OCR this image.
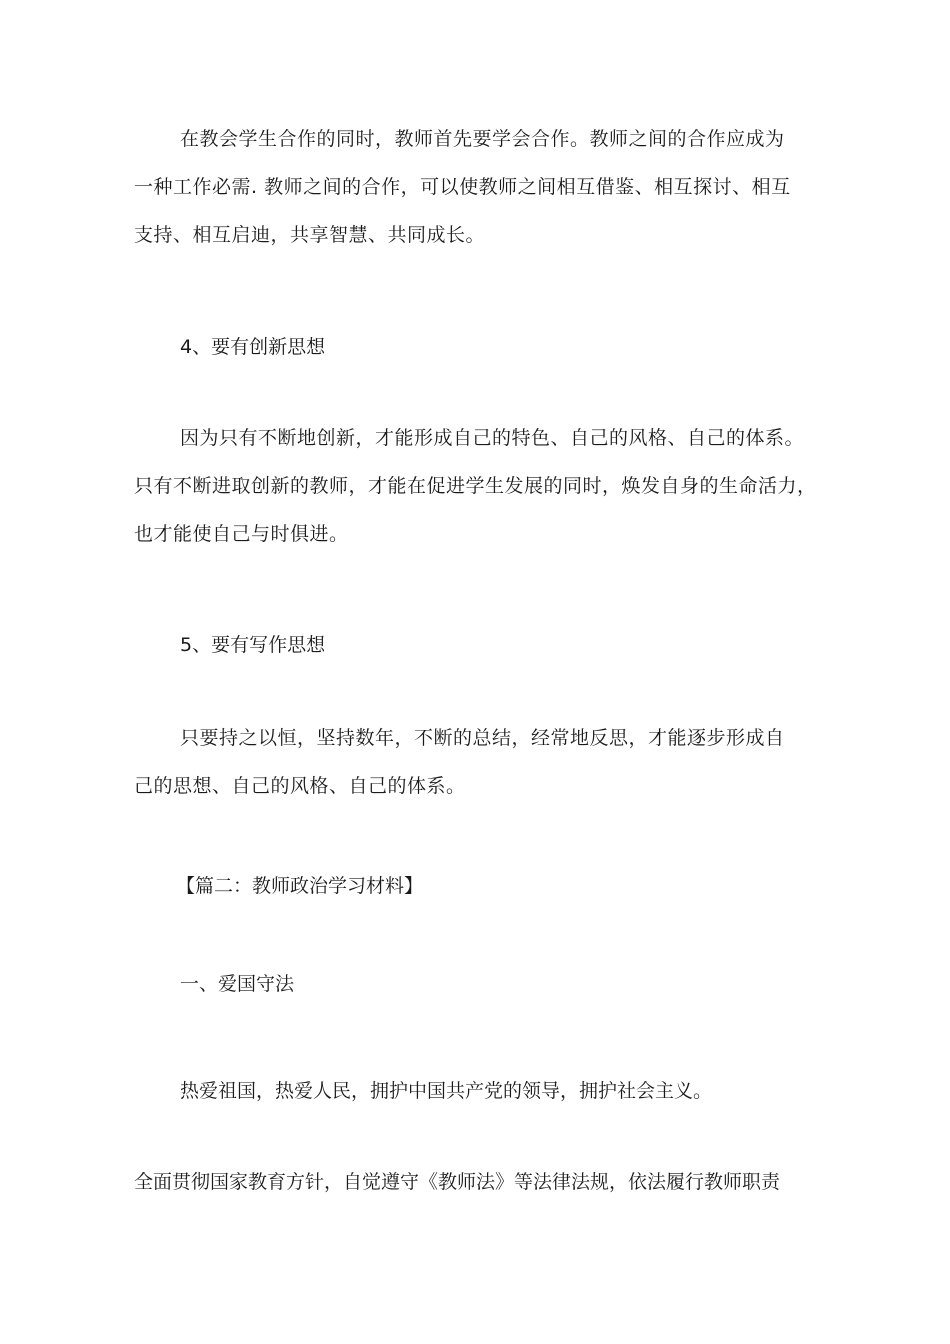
在教会学生合作的同时，教师首先要学会合作。教师之间的合作应成为
一种工作必需. 教师之间的合作，可以使教师之间相互借鉴、相互探讨、相互
支持、相互启迪，共享智慧、共同成长。
4、要有创新思想
因为只有不断地创新，才能形成自己的特色、自己的风格、自己的体系。
只有不断进取创新的教师，才能在促进学生发展的同时，焕发自身的生命活力，
也才能使自己与时俱进。
5、要有写作思想
只要持之以恒，坚持数年，不断的总结，经常地反思，才能逐步形成自
己的思想、自己的风格、自己的体系。
【篇二：教师政治学习材料】
一、爱国守法
热爱祖国，热爱人民，拥护中国共产党的领导，拥护社会主义。
全面贯彻国家教育方针，自觉遵守《教师法》等法律法规，依法履行教师职责
